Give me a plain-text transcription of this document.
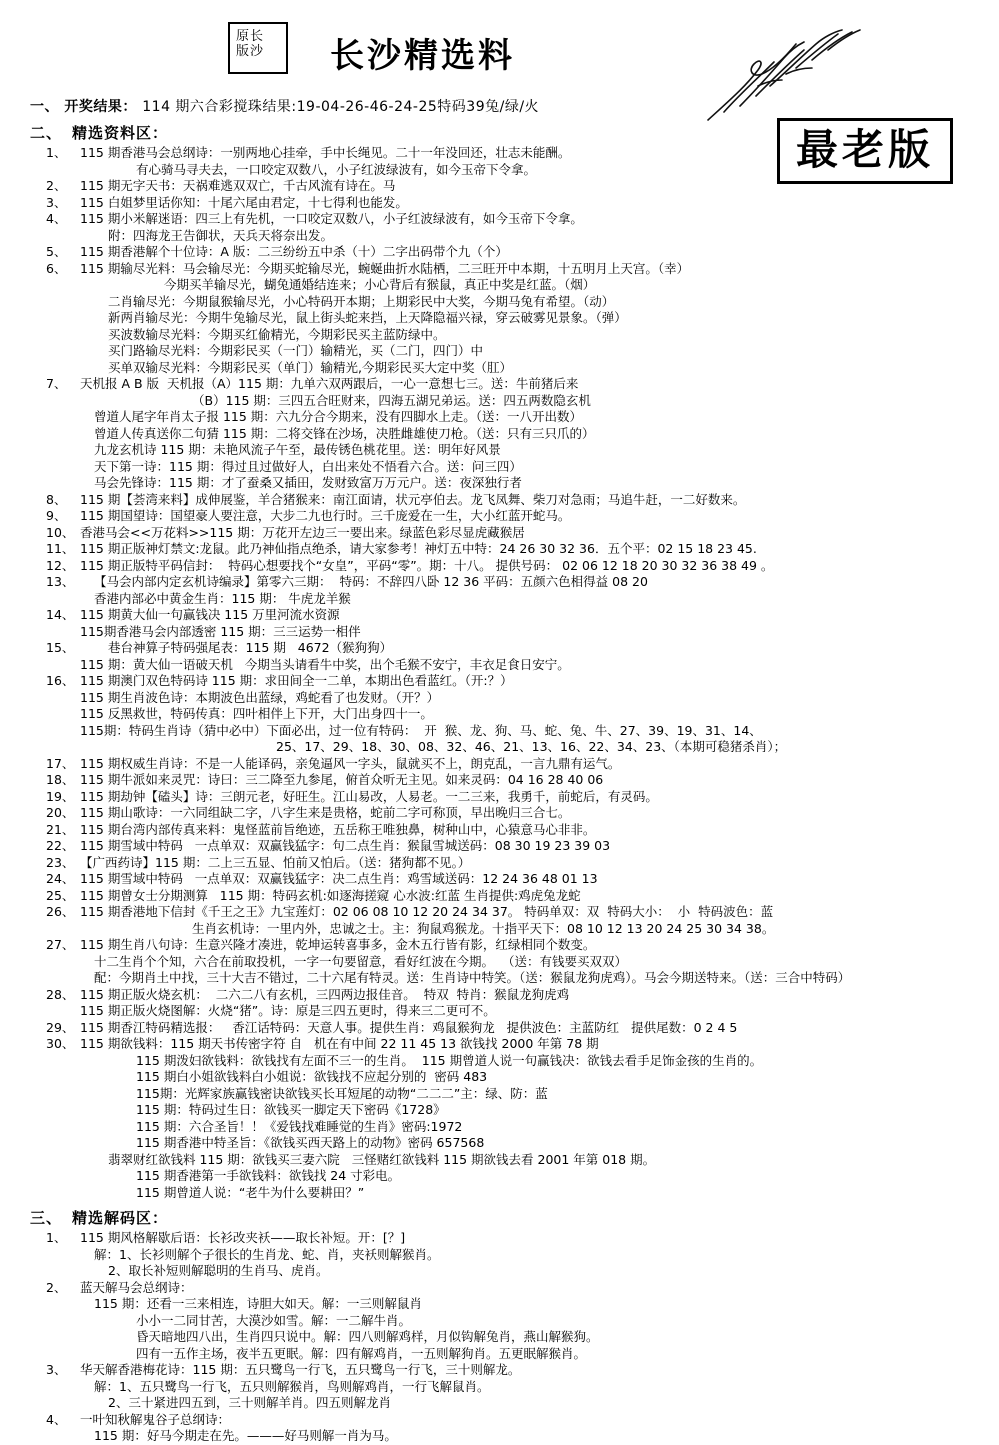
原长
版沙	长沙精选料
最老版
一、 开奖结果： 114 期六合彩搅珠结果:19-04-26-46-24-25特码39兔/绿/火
二、 精选资料区：
1、	115 期香港马会总纲诗：一别两地心挂牵，手中长绳见。二十一年没回还，壮志未能酬。
有心骑马寻夫去，一口咬定双数八，小子红波绿波有，如今玉帝下令拿。
2、	115 期无字天书：天祸难逃双双亡，千古风流有诗在。马
3、	115 白姐梦里话你知：十尾六尾由君定，十七得利也能发。
4、	115 期小米解迷语：四三上有先机，一口咬定双数八，小子红波绿波有，如今玉帝下令拿。
附：四海龙王告御状，天兵天将奈出发。
5、	115 期香港解个十位诗：A 版：二三纷纷五中杀（十）二字出码带个九（个）
6、	115 期输尽光料：马会输尽光：今期买蛇输尽光，蜿蜒曲折水陆栖，二三旺开中本期，十五明月上天宫。（幸）
今期买羊输尽光，蝴兔通婚结连来；小心背后有猴鼠，真正中奖是红蓝。（烟）
二肖输尽光：今期鼠猴输尽光，小心特码开本期；上期彩民中大奖，今期马兔有希望。（动）
新两肖输尽光：今期牛兔输尽光，鼠上街头蛇来挡，上天降隐福兴禄，穿云破雾见景象。（弹）
买波数输尽光料：今期买红偷精光，今期彩民买主蓝防绿中。
买门路输尽光料：今期彩民买（一门）输精光，买（二门，四门）中
买单双输尽光料：今期彩民买（单门）输精光,今期彩民买大定中奖（肛）
7、	天机报 A B 版  天机报（A）115 期：九单六双两跟后，一心一意想七三。送：牛前猪后来
（B）115 期：三四五合旺财来，四海五湖兄弟运。送：四五两数隐玄机
曾道人尾字年肖太子报 115 期：六九分合今期来，没有四脚水上走。（送：一八开出数）
曾道人传真送你二句猜 115 期：二将交锋在沙场，决胜雌雄使刀枪。（送：只有三只爪的）
九龙玄机诗 115 期：未艳风流子午至，最传锈色桃花里。送：明年好风景
天下第一诗：115 期：得过且过做好人，白出来处不悟看六合。送：问三四）
马会先锋诗：115 期：才了蚕桑又插田，发财致富万万元户。送：夜深独行者
8、	115 期【荟湾来料】成伸展鉴，羊合猪猴来：南江面请，状元亭伯去。龙飞凤舞、柴刀对急雨；马追牛赶，一二好数来。
9、	115 期国望诗：国望豪人要注意，大步二九也行时。三千庞爱在一生，大小红蓝开蛇马。
10、 香港马会<<万花料>>115 期：万花开左边三一要出来。绿蓝色彩尽显虎藏猴居
11、 115 期正版神灯禁文:龙鼠。此乃神仙指点绝杀，请大家参考！神灯五中特：24 26 30 32 36．五个平：02 15 18 23 45.
12、 115 期正版特平码信封：  特码心想要找个“女皇”，平码“零”。期：十八。 提供号码： 02 06 12 18 20 30 32 36 38 49 。
13、	【马会内部内定玄机诗编录】第零六三期：  特码：不辞四八卧 12 36 平码：五颜六色相得益 08 20
香港内部必中黄金生肖：115 期： 牛虎龙羊猴
14、 115 期黄大仙一句赢钱决 115 万里河流水资源
115期香港马会内部透密 115 期：三三运势一相伴
15、	巷台神算子特码强尾表：115 期   4672（猴狗狗）
115 期：黄大仙一语破天机   今期当头请看牛中奖，出个毛猴不安宁，丰衣足食日安宁。
16、 115 期澳门双色特码诗 115 期：求田间全一二单，本期出色看蓝红。（开:？）
115 期生肖波色诗：本期波色出蓝绿，鸡蛇看了也发财。（开？）
115 反黑救世，特码传真：四叶相伴上下开，大门出身四十一。
115期：特码生肖诗（猜中必中）下面必出，过一位有特码：  开  猴、龙、狗、马、蛇、兔、牛、27、39、19、31、14、
25、17、29、18、30、08、32、46、21、13、16、22、34、23、（本期可稳猪杀肖）；
17、 115 期权威生肖诗：不是一人能译码，亲兔逼风一字头，鼠就买不上，朗克乱，一言九鼎有运气。
18、 115 期牛派如来灵咒：诗曰：三二降至九参尾，俯首众听无主见。如来灵码：04 16 28 40 06
19、 115 期劫钟【磕头】诗：三朗元老，好旺生。江山易改，人易老。一二三来，我勇千，前蛇后，有灵码。
20、 115 期山歌诗：一六同组缺二字，八字生来是贵格，蛇前二字可称顶，早出晚归三合七。
21、 115 期台湾内部传真来料：鬼怪蓝前旨绝迹，五岳称王唯独鼻，树种山中，心猿意马心非非。
22、 115 期雪域中特码   一点单双：双赢钱猛字：句二点生肖：猴鼠雪城送码：08 30 19 23 39 03
23、 【广西药诗】115 期：二上三五显、怕前又怕后。（送：猪狗都不见。）
24、 115 期雪域中特码   一点单双：双赢钱猛字：决二点生肖：鸡雪域送码：12 24 36 48 01 13
25、 115 期曾女士分期测算   115 期：特码玄机:如逐海搓窥 心水波:红蓝 生肖提供:鸡虎兔龙蛇
26、 115 期香港地下信封《千王之王》九宝莲灯：02 06 08 10 12 20 24 34 37。 特码单双：双  特码大小：  小  特码波色：蓝
生肖玄机诗：一里内外，忠诚之士。主：狗鼠鸡猴龙。十指平天下：08 10 12 13 20 24 25 30 34 38。
27、 115 期生肖八句诗：生意兴隆才凑进，乾坤运转喜事多，金木五行皆有影，红绿相同个数变。
十二生肖个个知，六合在前取投机，一字一句要留意，看好红波在今期。  （送：有钱要买双双）
配：今期肖土中找，三十大吉不错过，二十六尾有特灵。送：生肖诗中特笑。（送：猴鼠龙狗虎鸡）。马会今期送特来。（送：三合中特码）
28、 115 期正版火烧玄机：  二六二八有玄机，三四两边报佳音。  特双  特肖：猴鼠龙狗虎鸡
115 期正版火烧图解：火烧“猪”。诗：原是三四五更时，得来三二更可不。
29、 115 期香江特码精选报：   香江话特码：天意人事。提供生肖：鸡鼠猴狗龙   提供波色：主蓝防红   提供尾数：0 2 4 5
30、 115 期欲钱料：115 期天书传密字符 自   机在有中间 22 11 45 13 欲钱找 2000 年第 78 期
115 期泼妇欲钱料：欲钱找有左面不三一的生肖。  115 期曾道人说一句赢钱决：欲钱去看手足饰金孩的生肖的。
115 期白小姐欲钱料白小姐说：欲钱找不应起分别的  密码 483
115期：光辉家族赢钱密诀欲钱买长耳短尾的动物“二二二”主：绿、防：蓝
115 期：特码过生日：欲钱买一脚定天下密码《1728》
115 期：六合圣旨！！《爱钱找难睡觉的生肖》密码:1972
115 期香港中特圣旨：《欲钱买西天路上的动物》密码 657568
翡翠财红欲钱料 115 期：欲钱买三妻六院   三怪赌红欲钱料 115 期欲钱去看 2001 年第 018 期。
115 期香港第一手欲钱料：欲钱找 24 寸彩电。
115 期曾道人说：“老牛为什么要耕田？”
三、 精选解码区：
1、	115 期风格解歇后语：长衫改夹袄——取长补短。开：[？]
解：1、长衫则解个子很长的生肖龙、蛇、肖，夹袄则解猴肖。
2、取长补短则解聪明的生肖马、虎肖。
2、	蓝天解马会总纲诗：
115 期：还看一三来相连，诗胆大如天。解：一三则解鼠肖
小小一二同甘苦，大漠沙如雪。解：一二解牛肖。
昏天暗地四八出，生肖四只说中。解：四八则解鸡样，月似钩解兔肖，燕山解猴狗。
四有一五作主场，夜半五更眠。解：四有解鸡肖，一五则解狗肖。五更眠解猴肖。
3、	华天解香港梅花诗：115 期：五只鹭鸟一行飞，五只鹭鸟一行飞，三十则解龙。
解：1、五只鹭鸟一行飞，五只则解猴肖，鸟则解鸡肖，一行飞解鼠肖。
2、三十紧进四五到，三十则解羊肖。四五则解龙肖
4、	一叶知秋解鬼谷子总纲诗：
115 期：好马今期走在先。———好马则解一肖为马。
